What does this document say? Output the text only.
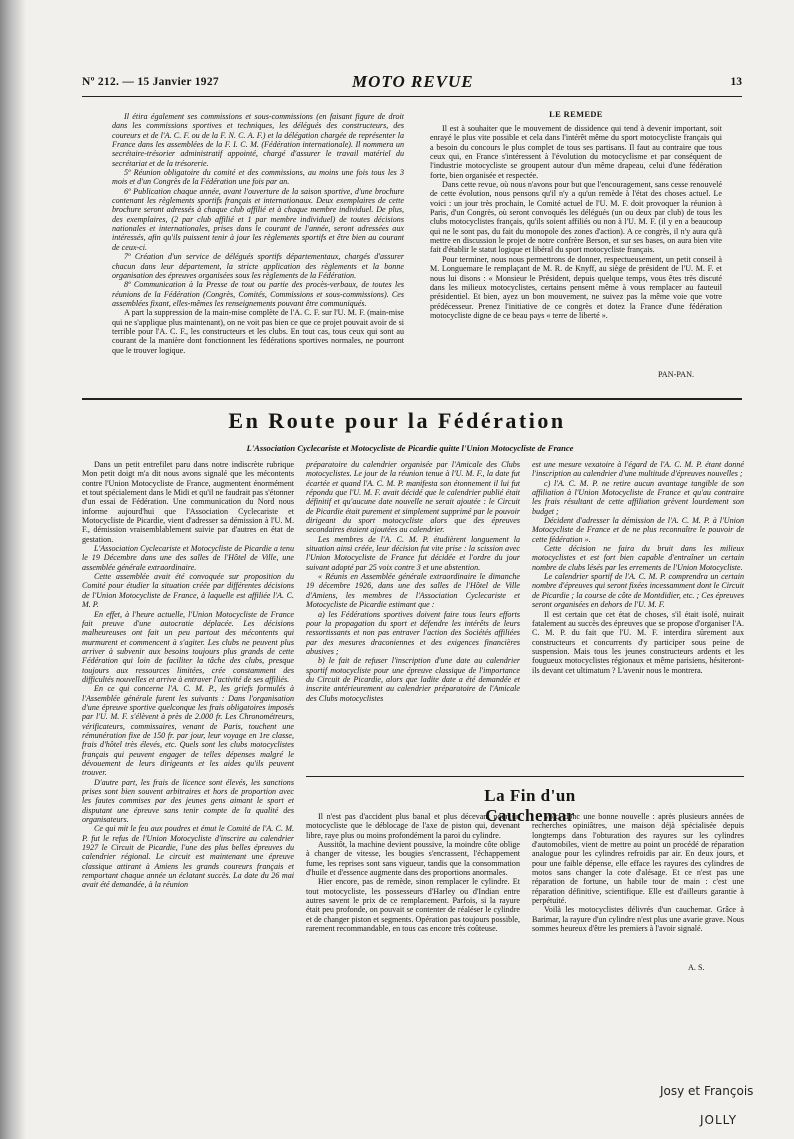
Nº 212. — 15 Janvier 1927	MOTO REVUE	13

Il étira également ses commissions et sous-commissions (en faisant figure de droit dans les commissions sportives et techniques, les délégués des constructeurs, des coureurs et de l'A. C. F. ou de la F. N. C. A. F.) et la délégation chargée de représenter la France dans les assemblées de la F. I. C. M. (Fédération internationale). Il nommera un secrétaire-trésorier administratif appointé, chargé d'assurer le travail matériel du secrétariat et de la trésorerie.

5º Réunion obligatoire du comité et des commissions, au moins une fois tous les 3 mois et d'un Congrès de la Fédération une fois par an.

6º Publication chaque année, avant l'ouverture de la saison sportive, d'une brochure contenant les règlements sportifs français et internationaux. Deux exemplaires de cette brochure seront adressés à chaque club affilié et à chaque membre individuel. De plus, des exemplaires, (2 par club affilié et 1 par membre individuel) de toutes décisions nationales et internationales, prises dans le courant de l'année, seront adressées aux intéressés, afin qu'ils puissent tenir à jour les règlements sportifs et être bien au courant de ceux-ci.

7º Création d'un service de délégués sportifs départementaux, chargés d'assurer chacun dans leur département, la stricte application des règlements et la bonne organisation des épreuves organisées sous les règlements de la Fédération.

8º Communication à la Presse de tout ou partie des procès-verbaux, de toutes les réunions de la Fédération (Congrès, Comités, Commissions et sous-commissions). Ces assemblées fixant, elles-mêmes les renseignements pouvant être communiqués.

A part la suppression de la main-mise complète de l'A. C. F. sur l'U. M. F. (main-mise qui ne s'applique plus maintenant), on ne voit pas bien ce que ce projet pouvait avoir de si terrible pour l'A. C. F., les constructeurs et les clubs. En tout cas, tous ceux qui sont au courant de la manière dont fonctionnent les fédérations sportives normales, ne pourront que le trouver logique.

LE REMEDE

Il est à souhaiter que le mouvement de dissidence qui tend à devenir important, soit enrayé le plus vite possible et cela dans l'intérêt même du sport motocycliste français qui a besoin du concours le plus complet de tous ses partisans. Il faut au contraire que tous ceux qui, en France s'intéressent à l'évolution du motocyclisme et par conséquent de l'industrie motocycliste se groupent autour d'un même drapeau, celui d'une fédération forte, bien organisée et respectée.

Dans cette revue, où nous n'avons pour but que l'encouragement, sans cesse renouvelé de cette évolution, nous pensons qu'il n'y a qu'un remède à l'état des choses actuel. Le voici : un jour très prochain, le Comité actuel de l'U. M. F. doit provoquer la réunion à Paris, d'un Congrès, où seront convoqués les délégués (un ou deux par club) de tous les clubs motocyclistes français, qu'ils soient affiliés ou non à l'U. M. F. (il y en a beaucoup qui ne le sont pas, du fait du monopole des zones d'action). A ce congrès, il n'y aura qu'à mettre en discussion le projet de notre confrère Berson, et sur ses bases, on aura bien vite fait d'établir le statut logique et libéral du sport motocycliste français.

Pour terminer, nous nous permettrons de donner, respectueusement, un petit conseil à M. Longuemare le remplaçant de M. R. de Knyff, au siège de président de l'U. M. F. et nous lui disons : « Monsieur le Président, depuis quelque temps, vous êtes très discuté dans les milieux motocyclistes, certains pensent même à vous remplacer au fauteuil présidentiel. Et bien, ayez un bon mouvement, ne suivez pas la même voie que votre prédécesseur. Prenez l'initiative de ce congrès et dotez la France d'une fédération motocycliste digne de ce beau pays « terre de liberté ».

PAN-PAN.
En Route pour la Fédération
L'Association Cyclecariste et Motocycliste de Picardie quitte l'Union Motocycliste de France

Dans un petit entrefilet paru dans notre indiscrète rubrique Mon petit doigt m'a dit nous avons signalé que les mécontents contre l'Union Motocycliste de France, augmentent énormément et tout spécialement dans le Midi et qu'il ne faudrait pas s'étonner d'un essai de Fédération. Une communication du Nord nous informe aujourd'hui que l'Association Cyclecariste et Motocycliste de Picardie, vient d'adresser sa démission à l'U. M. F., démission vraisemblablement suivie par d'autres en état de gestation.

L'Association Cyclecariste et Motocycliste de Picardie a tenu le 19 Décembre dans une des salles de l'Hôtel de Ville, une assemblée générale extraordinaire.

Cette assemblée avait été convoquée sur proposition du Comité pour étudier la situation créée par différentes décisions de l'Union Motocycliste de France, à laquelle est affiliée l'A. C. M. P.

En effet, à l'heure actuelle, l'Union Motocycliste de France fait preuve d'une autocratie déplacée. Les décisions malheureuses ont fait un peu partout des mécontents qui murmurent et commencent à s'agiter. Les clubs ne peuvent plus arriver à subvenir aux besoins toujours plus grands de cette Fédération qui loin de faciliter la tâche des clubs, presque toujours aux ressources limitées, crée constamment des difficultés nouvelles et arrive à entraver l'activité de ses affiliés.

En ce qui concerne l'A. C. M. P., les griefs formulés à l'Assemblée générale furent les suivants : Dans l'organisation d'une épreuve sportive quelconque les frais obligatoires imposés par l'U. M. F. s'élèvent à près de 2.000 fr. Les Chronométreurs, vérificateurs, commissaires, venant de Paris, touchent une rémunération fixe de 150 fr. par jour, leur voyage en 1re classe, frais d'hôtel très élevés, etc. Quels sont les clubs motocyclistes français qui peuvent engager de telles dépenses malgré le dévouement de leurs dirigeants et les aides qu'ils peuvent trouver.

D'autre part, les frais de licence sont élevés, les sanctions prises sont bien souvent arbitraires et hors de proportion avec les fautes commises par des jeunes gens aimant le sport et disputant une épreuve sans tenir compte de la qualité des organisateurs.

Ce qui mit le feu aux poudres et émut le Comité de l'A. C. M. P. fut le refus de l'Union Motocycliste d'inscrire au calendrier 1927 le Circuit de Picardie, l'une des plus belles épreuves du calendrier régional. Le circuit est maintenant une épreuve classique attirant à Amiens les grands coureurs français et remportant chaque année un éclatant succès. La date du 26 mai avait été demandée, à la réunion

préparatoire du calendrier organisée par l'Amicale des Clubs motocyclistes. Le jour de la réunion tenue à l'U. M. F., la date fut écartée et quand l'A. C. M. P. manifesta son étonnement il lui fut répondu que l'U. M. F. avait décidé que le calendrier publié était définitif et qu'aucune date nouvelle ne serait ajoutée : le Circuit de Picardie était purement et simplement supprimé par le pouvoir dirigeant du sport motocycliste alors que des épreuves secondaires étaient ajoutées au calendrier.

Les membres de l'A. C. M. P. étudièrent longuement la situation ainsi créée, leur décision fut vite prise : la scission avec l'Union Motocycliste de France fut décidée et l'ordre du jour suivant adopté par 25 voix contre 3 et une abstention.

« Réunis en Assemblée générale extraordinaire le dimanche 19 décembre 1926, dans une des salles de l'Hôtel de Ville d'Amiens, les membres de l'Association Cyclecariste et Motocycliste de Picardie estimant que :

a) les Fédérations sportives doivent faire tous leurs efforts pour la propagation du sport et défendre les intérêts de leurs ressortissants et non pas entraver l'action des Sociétés affiliées par des mesures draconiennes et des exigences financières abusives ;

b) le fait de refuser l'inscription d'une date au calendrier sportif motocycliste pour une épreuve classique de l'importance du Circuit de Picardie, alors que ladite date a été demandée et inscrite antérieurement au calendrier préparatoire de l'Amicale des Clubs motocyclistes

est une mesure vexatoire à l'égard de l'A. C. M. P. étant donné l'inscription au calendrier d'une multitude d'épreuves nouvelles ;

c) l'A. C. M. P. ne retire aucun avantage tangible de son affiliation à l'Union Motocycliste de France et qu'au contraire les frais résultant de cette affiliation grèvent lourdement son budget ;

Décident d'adresser la démission de l'A. C. M. P. à l'Union Motocycliste de France et de ne plus reconnaître le pouvoir de cette fédération ».

Cette décision ne faira du bruit dans les milieux motocyclistes et est fort bien capable d'entraîner un certain nombre de clubs lésés par les errements de l'Union Motocycliste.

Le calendrier sportif de l'A. C. M. P. comprendra un certain nombre d'épreuves qui seront fixées incessamment dont le Circuit de Picardie ; la course de côte de Montdidier, etc. ; Ces épreuves seront organisées en dehors de l'U. M. F.

Il est certain que cet état de choses, s'il était isolé, nuirait fatalement au succès des épreuves que se propose d'organiser l'A. C. M. P. du fait que l'U. M. F. interdira sûrement aux constructeurs et concurrents d'y participer sous peine de suspension. Mais tous les jeunes constructeurs ardents et les fougueux motocyclistes régionaux et même parisiens, hésiteront-ils devant cet ultimatum ? L'avenir nous le montrera.

La Fin d'un Cauchemar

Il n'est pas d'accident plus banal et plus décevant pour un motocycliste que le déblocage de l'axe de piston qui, devenant libre, raye plus ou moins profondément la paroi du cylindre.

Aussitôt, la machine devient poussive, la moindre côte oblige à changer de vitesse, les bougies s'encrassent, l'échappement fume, les reprises sont sans vigueur, tandis que la consommation d'huile et d'essence augmente dans des proportions anormales.

Hier encore, pas de remède, sinon remplacer le cylindre. Et tout motocycliste, les possesseurs d'Harley ou d'Indian entre autres savent le prix de ce remplacement. Parfois, si la rayure était peu profonde, on pouvait se contenter de réaléser le cylindre et de changer piston et segments. Opération pas toujours possible, rarement recommandable, en tous cas encore très coûteuse.

Voici donc une bonne nouvelle : après plusieurs années de recherches opiniâtres, une maison déjà spécialisée depuis longtemps dans l'obturation des rayures sur les cylindres d'automobiles, vient de mettre au point un procédé de réparation analogue pour les cylindres refroidis par air. En deux jours, et pour une faible dépense, elle efface les rayures des cylindres de motos sans changer la cote d'alésage. Et ce n'est pas une réparation de fortune, un habile tour de main : c'est une réparation définitive, scientifique. Elle est d'ailleurs garantie à perpétuité.

Voilà les motocyclistes délivrés d'un cauchemar. Grâce à Barimar, la rayure d'un cylindre n'est plus une avarie grave. Nous sommes heureux d'être les premiers à l'avoir signalé.

A. S.
Josy et François
JOLLY
